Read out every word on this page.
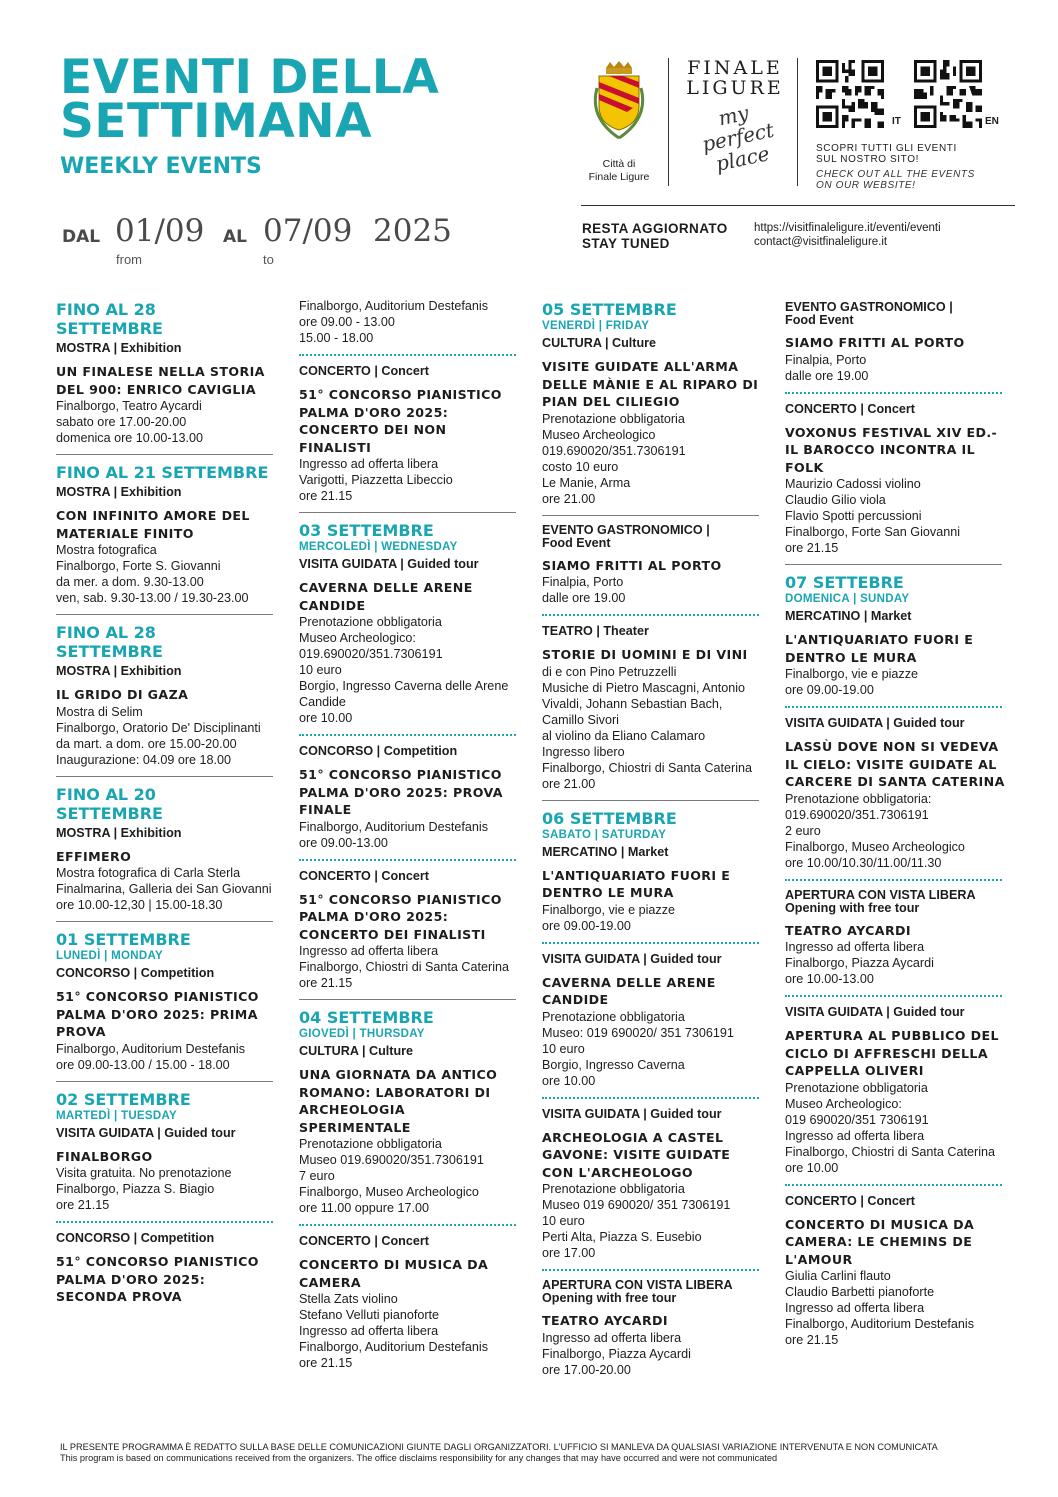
EVENTI DELLA
SETTIMANA
WEEKLY EVENTS
DAL 01/09 AL 07/09 2025
from	to
Città di
Finale Ligure
FINALE
LIGURE
my perfect place
IT	EN
SCOPRI TUTTI GLI EVENTI
SUL NOSTRO SITO!
CHECK OUT ALL THE EVENTS
ON OUR WEBSITE!
RESTA AGGIORNATO
STAY TUNED
https://visitfinaleligure.it/eventi/eventi
contact@visitfinaleligure.it
FINO AL 28
SETTEMBRE
MOSTRA | Exhibition
UN FINALESE NELLA STORIA DEL 900: ENRICO CAVIGLIA
Finalborgo, Teatro Aycardi
sabato ore 17.00-20.00
domenica ore 10.00-13.00
FINO AL 21 SETTEMBRE
MOSTRA | Exhibition
CON INFINITO AMORE DEL MATERIALE FINITO
Mostra fotografica
Finalborgo, Forte S. Giovanni
da mer. a dom. 9.30-13.00
ven, sab. 9.30-13.00 / 19.30-23.00
FINO AL 28
SETTEMBRE
MOSTRA | Exhibition
IL GRIDO DI GAZA
Mostra di Selim
Finalborgo, Oratorio De' Disciplinanti
da mart. a dom. ore 15.00-20.00
Inaugurazione: 04.09 ore 18.00
FINO AL 20
SETTEMBRE
MOSTRA | Exhibition
EFFIMERO
Mostra fotografica di Carla Sterla
Finalmarina, Galleria dei San Giovanni
ore 10.00-12,30 | 15.00-18.30
01 SETTEMBRE
LUNEDÌ | MONDAY
CONCORSO | Competition
51° CONCORSO PIANISTICO PALMA D'ORO 2025: PRIMA PROVA
Finalborgo, Auditorium Destefanis
ore 09.00-13.00 / 15.00 - 18.00
02 SETTEMBRE
MARTEDÌ | TUESDAY
VISITA GUIDATA | Guided tour
FINALBORGO
Visita gratuita. No prenotazione
Finalborgo, Piazza S. Biagio
ore 21.15
CONCORSO | Competition
51° CONCORSO PIANISTICO PALMA D'ORO 2025: SECONDA PROVA
Finalborgo, Auditorium Destefanis
ore 09.00 - 13.00
15.00 - 18.00
CONCERTO | Concert
51° CONCORSO PIANISTICO PALMA D'ORO 2025: CONCERTO DEI NON FINALISTI
Ingresso ad offerta libera
Varigotti, Piazzetta Libeccio
ore 21.15
03 SETTEMBRE
MERCOLEDÌ | WEDNESDAY
VISITA GUIDATA | Guided tour
CAVERNA DELLE ARENE CANDIDE
Prenotazione obbligatoria
Museo Archeologico:
019.690020/351.7306191
10 euro
Borgio, Ingresso Caverna delle Arene Candide
ore 10.00
CONCORSO | Competition
51° CONCORSO PIANISTICO PALMA D'ORO 2025: PROVA FINALE
Finalborgo, Auditorium Destefanis
ore 09.00-13.00
CONCERTO | Concert
51° CONCORSO PIANISTICO PALMA D'ORO 2025: CONCERTO DEI FINALISTI
Ingresso ad offerta libera
Finalborgo, Chiostri di Santa Caterina
ore 21.15
04 SETTEMBRE
GIOVEDÌ | THURSDAY
CULTURA | Culture
UNA GIORNATA DA ANTICO ROMANO: LABORATORI DI ARCHEOLOGIA SPERIMENTALE
Prenotazione obbligatoria
Museo 019.690020/351.7306191
7 euro
Finalborgo, Museo Archeologico
ore 11.00 oppure 17.00
CONCERTO | Concert
CONCERTO DI MUSICA DA CAMERA
Stella Zats violino
Stefano Velluti pianoforte
Ingresso ad offerta libera
Finalborgo, Auditorium Destefanis
ore 21.15
05 SETTEMBRE
VENERDÌ | FRIDAY
CULTURA | Culture
VISITE GUIDATE ALL'ARMA DELLE MÀNIE E AL RIPARO DI PIAN DEL CILIEGIO
Prenotazione obbligatoria
Museo Archeologico
019.690020/351.7306191
costo 10 euro
Le Manie, Arma
ore 21.00
EVENTO GASTRONOMICO |
Food Event
SIAMO FRITTI AL PORTO
Finalpia, Porto
dalle ore 19.00
TEATRO | Theater
STORIE DI UOMINI E DI VINI
di e con Pino Petruzzelli
Musiche di Pietro Mascagni, Antonio Vivaldi, Johann Sebastian Bach, Camillo Sivori
al violino da Eliano Calamaro
Ingresso libero
Finalborgo, Chiostri di Santa Caterina
ore 21.00
06 SETTEMBRE
SABATO | SATURDAY
MERCATINO | Market
L'ANTIQUARIATO FUORI E DENTRO LE MURA
Finalborgo, vie e piazze
ore 09.00-19.00
VISITA GUIDATA | Guided tour
CAVERNA DELLE ARENE CANDIDE
Prenotazione obbligatoria
Museo: 019 690020/ 351 7306191
10 euro
Borgio, Ingresso Caverna
ore 10.00
VISITA GUIDATA | Guided tour
ARCHEOLOGIA A CASTEL GAVONE: VISITE GUIDATE CON L'ARCHEOLOGO
Prenotazione obbligatoria
Museo 019 690020/ 351 7306191
10 euro
Perti Alta, Piazza S. Eusebio
ore 17.00
APERTURA CON VISTA LIBERA
Opening with free tour
TEATRO AYCARDI
Ingresso ad offerta libera
Finalborgo, Piazza Aycardi
ore 17.00-20.00
EVENTO GASTRONOMICO |
Food Event
SIAMO FRITTI AL PORTO
Finalpia, Porto
dalle ore 19.00
CONCERTO | Concert
VOXONUS FESTIVAL XIV ED.- IL BAROCCO INCONTRA IL FOLK
Maurizio Cadossi violino
Claudio Gilio viola
Flavio Spotti percussioni
Finalborgo, Forte San Giovanni
ore 21.15
07 SETTEBRE
DOMENICA | SUNDAY
MERCATINO | Market
L'ANTIQUARIATO FUORI E DENTRO LE MURA
Finalborgo, vie e piazze
ore 09.00-19.00
VISITA GUIDATA | Guided tour
LASSÙ DOVE NON SI VEDEVA IL CIELO: VISITE GUIDATE AL CARCERE DI SANTA CATERINA
Prenotazione obbligatoria:
019.690020/351.7306191
2 euro
Finalborgo, Museo Archeologico
ore 10.00/10.30/11.00/11.30
APERTURA CON VISTA LIBERA
Opening with free tour
TEATRO AYCARDI
Ingresso ad offerta libera
Finalborgo, Piazza Aycardi
ore 10.00-13.00
VISITA GUIDATA | Guided tour
APERTURA AL PUBBLICO DEL CICLO DI AFFRESCHI DELLA CAPPELLA OLIVERI
Prenotazione obbligatoria
Museo Archeologico:
019 690020/351 7306191
Ingresso ad offerta libera
Finalborgo, Chiostri di Santa Caterina
ore 10.00
CONCERTO | Concert
CONCERTO DI MUSICA DA CAMERA: LE CHEMINS DE L'AMOUR
Giulia Carlini flauto
Claudio Barbetti pianoforte
Ingresso ad offerta libera
Finalborgo, Auditorium Destefanis
ore 21.15
IL PRESENTE PROGRAMMA È REDATTO SULLA BASE DELLE COMUNICAZIONI GIUNTE DAGLI ORGANIZZATORI. L'UFFICIO SI MANLEVA DA QUALSIASI VARIAZIONE INTERVENUTA E NON COMUNICATA
This program is based on communications received from the organizers. The office disclaims responsibility for any changes that may have occurred and were not communicated
